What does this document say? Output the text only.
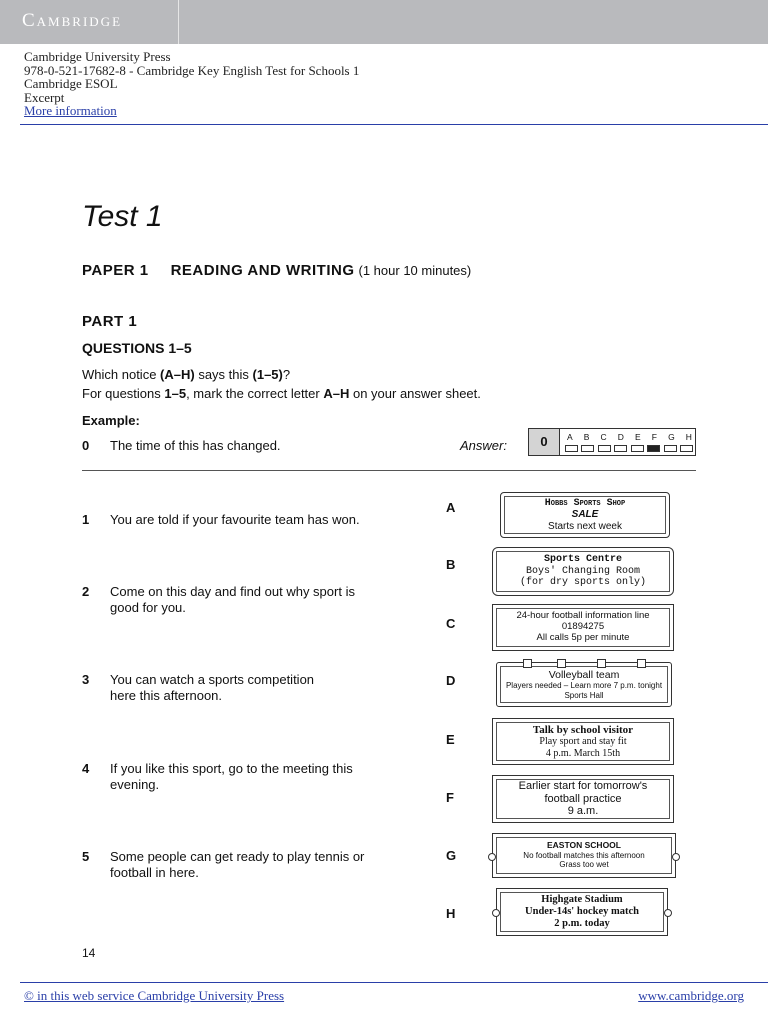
Cambridge
Cambridge University Press
978-0-521-17682-8 - Cambridge Key English Test for Schools 1
Cambridge ESOL
Excerpt
More information
Test 1
PAPER 1 READING AND WRITING (1 hour 10 minutes)
PART 1
QUESTIONS 1–5
Which notice (A–H) says this (1–5)?
For questions 1–5, mark the correct letter A–H on your answer sheet.
Example:
0 The time of this has changed.	Answer:	0	A B C D E F G H
1 You are told if your favourite team has won.
2 Come on this day and find out why sport is good for you.
3 You can watch a sports competition here this afternoon.
4 If you like this sport, go to the meeting this evening.
5 Some people can get ready to play tennis or football in here.
A
B
C
D
E
F
G
H
Hobbs Sports Shop
SALE
Starts next week
Sports Centre
Boys' Changing Room
(for dry sports only)
24-hour football information line
01894275
All calls 5p per minute
Volleyball team
Players needed – Learn more 7 p.m. tonight
Sports Hall
Talk by school visitor
Play sport and stay fit
4 p.m. March 15th
Earlier start for tomorrow's
football practice
9 a.m.
EASTON SCHOOL
No football matches this afternoon
Grass too wet
Highgate Stadium
Under-14s' hockey match
2 p.m. today
14
© in this web service Cambridge University Press	www.cambridge.org
